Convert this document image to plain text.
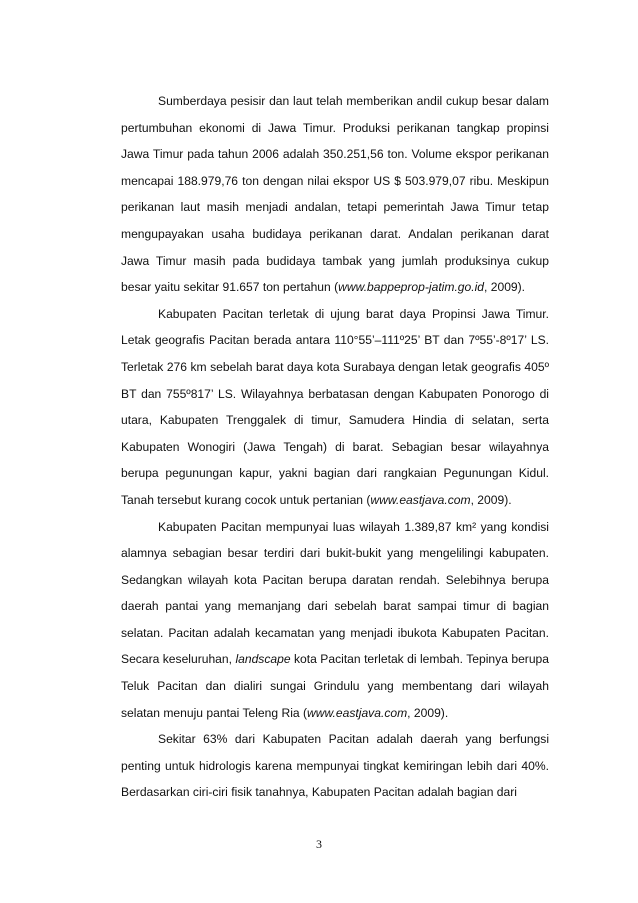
Sumberdaya pesisir dan laut telah memberikan andil cukup besar dalam pertumbuhan ekonomi di Jawa Timur. Produksi perikanan tangkap propinsi Jawa Timur pada tahun 2006 adalah 350.251,56 ton. Volume ekspor perikanan mencapai 188.979,76 ton dengan nilai ekspor US $ 503.979,07 ribu. Meskipun perikanan laut masih menjadi andalan, tetapi pemerintah Jawa Timur tetap mengupayakan usaha budidaya perikanan darat. Andalan perikanan darat Jawa Timur masih pada budidaya tambak yang jumlah produksinya cukup besar yaitu sekitar 91.657 ton pertahun (www.bappeprop-jatim.go.id, 2009).

Kabupaten Pacitan terletak di ujung barat daya Propinsi Jawa Timur. Letak geografis Pacitan berada antara 110°55’–111º25’ BT dan 7º55’-8º17’ LS. Terletak 276 km sebelah barat daya kota Surabaya dengan letak geografis 405º BT dan 755º817’ LS. Wilayahnya berbatasan dengan Kabupaten Ponorogo di utara, Kabupaten Trenggalek di timur, Samudera Hindia di selatan, serta Kabupaten Wonogiri (Jawa Tengah) di barat. Sebagian besar wilayahnya berupa pegunungan kapur, yakni bagian dari rangkaian Pegunungan Kidul. Tanah tersebut kurang cocok untuk pertanian (www.eastjava.com, 2009).

Kabupaten Pacitan mempunyai luas wilayah 1.389,87 km² yang kondisi alamnya sebagian besar terdiri dari bukit-bukit yang mengelilingi kabupaten. Sedangkan wilayah kota Pacitan berupa daratan rendah. Selebihnya berupa daerah pantai yang memanjang dari sebelah barat sampai timur di bagian selatan. Pacitan adalah kecamatan yang menjadi ibukota Kabupaten Pacitan. Secara keseluruhan, landscape kota Pacitan terletak di lembah. Tepinya berupa Teluk Pacitan dan dialiri sungai Grindulu yang membentang dari wilayah selatan menuju pantai Teleng Ria (www.eastjava.com, 2009).

Sekitar 63% dari Kabupaten Pacitan adalah daerah yang berfungsi penting untuk hidrologis karena mempunyai tingkat kemiringan lebih dari 40%. Berdasarkan ciri-ciri fisik tanahnya, Kabupaten Pacitan adalah bagian dari

3
